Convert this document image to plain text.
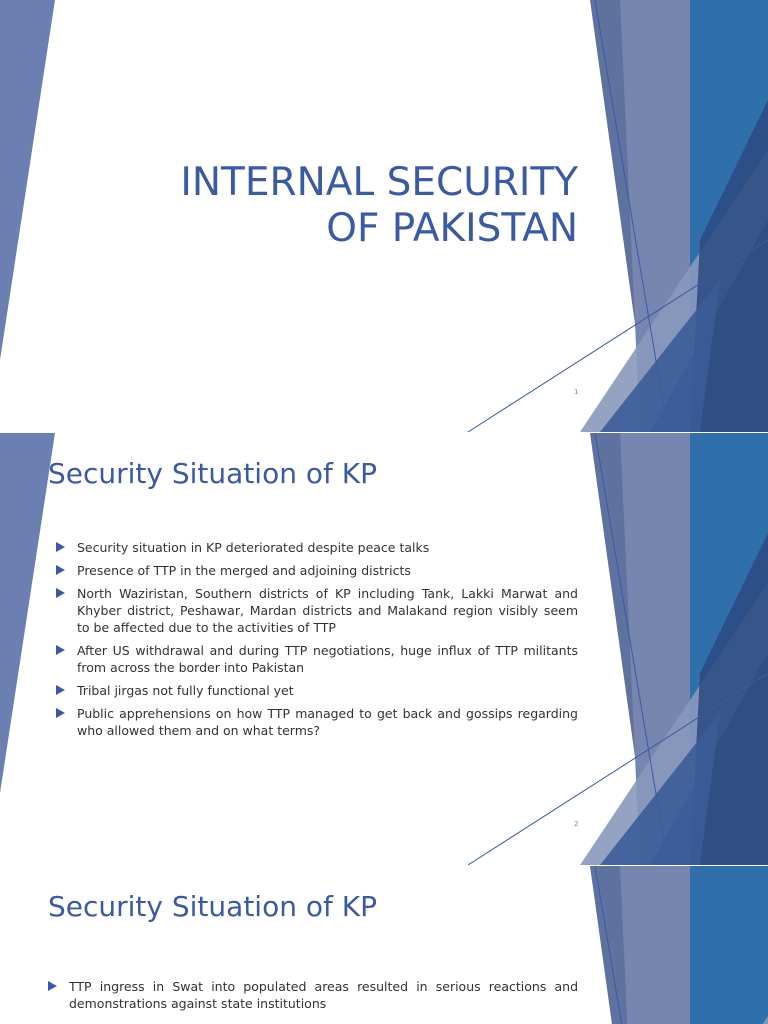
INTERNAL SECURITY
OF PAKISTAN
1
Security Situation of KP
Security situation in KP deteriorated despite peace talks
Presence of TTP in the merged and adjoining districts
North Waziristan, Southern districts of KP including Tank, Lakki Marwat and Khyber district, Peshawar, Mardan districts and Malakand region visibly seem to be affected due to the activities of TTP
After US withdrawal and during TTP negotiations, huge influx of TTP militants from across the border into Pakistan
Tribal jirgas not fully functional yet
Public apprehensions on how TTP managed to get back and gossips regarding who allowed them and on what terms?
2
Security Situation of KP
TTP ingress in Swat into populated areas resulted in serious reactions and demonstrations against state institutions
